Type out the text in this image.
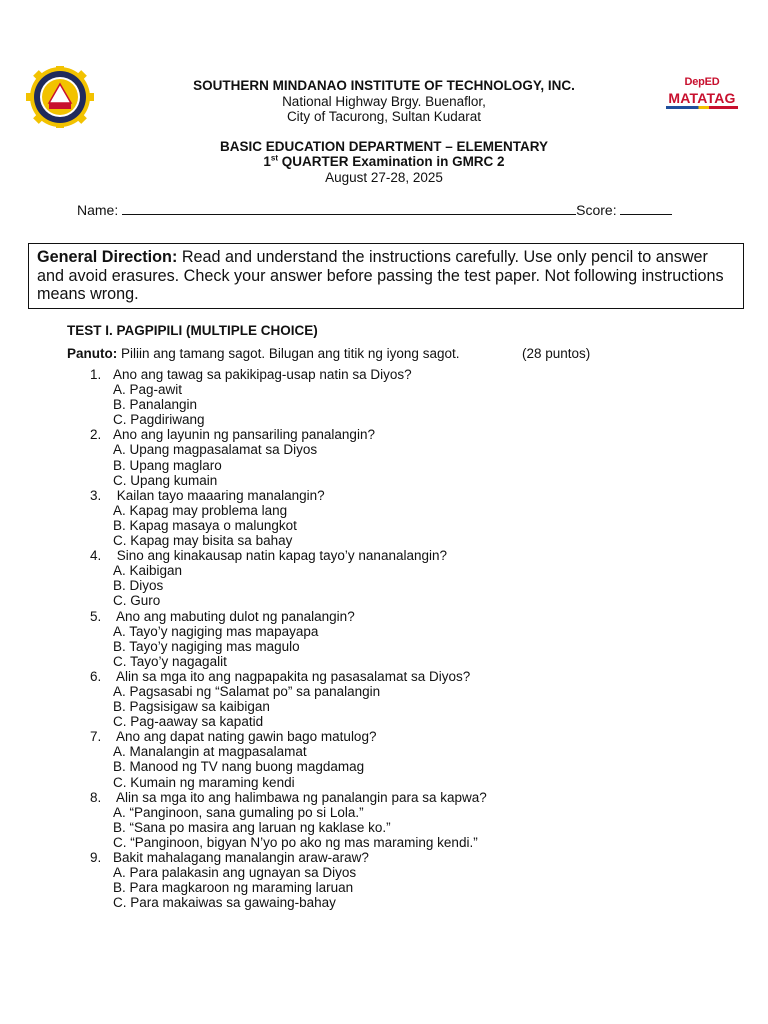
DepED
MATATAG
SOUTHERN MINDANAO INSTITUTE OF TECHNOLOGY, INC.
National Highway Brgy. Buenaflor,
City of Tacurong, Sultan Kudarat
BASIC EDUCATION DEPARTMENT – ELEMENTARY
1st QUARTER Examination in GMRC 2
August 27-28, 2025
Name:	Score:
General Direction: Read and understand the instructions carefully. Use only pencil to answer and avoid erasures. Check your answer before passing the test paper. Not following instructions means wrong.
TEST I. PAGPIPILI (MULTIPLE CHOICE)
Panuto: Piliin ang tamang sagot. Bilugan ang titik ng iyong sagot.	(28 puntos)
1. Ano ang tawag sa pakikipag-usap natin sa Diyos?
A. Pag-awit
B. Panalangin
C. Pagdiriwang
2. Ano ang layunin ng pansariling panalangin?
A. Upang magpasalamat sa Diyos
B. Upang maglaro
C. Upang kumain
3. Kailan tayo maaaring manalangin?
A. Kapag may problema lang
B. Kapag masaya o malungkot
C. Kapag may bisita sa bahay
4. Sino ang kinakausap natin kapag tayo’y nananalangin?
A. Kaibigan
B. Diyos
C. Guro
5. Ano ang mabuting dulot ng panalangin?
A. Tayo’y nagiging mas mapayapa
B. Tayo’y nagiging mas magulo
C. Tayo’y nagagalit
6. Alin sa mga ito ang nagpapakita ng pasasalamat sa Diyos?
A. Pagsasabi ng “Salamat po” sa panalangin
B. Pagsisigaw sa kaibigan
C. Pag-aaway sa kapatid
7. Ano ang dapat nating gawin bago matulog?
A. Manalangin at magpasalamat
B. Manood ng TV nang buong magdamag
C. Kumain ng maraming kendi
8. Alin sa mga ito ang halimbawa ng panalangin para sa kapwa?
A. “Panginoon, sana gumaling po si Lola.”
B. “Sana po masira ang laruan ng kaklase ko.”
C. “Panginoon, bigyan N’yo po ako ng mas maraming kendi.”
9. Bakit mahalagang manalangin araw-araw?
A. Para palakasin ang ugnayan sa Diyos
B. Para magkaroon ng maraming laruan
C. Para makaiwas sa gawaing-bahay
